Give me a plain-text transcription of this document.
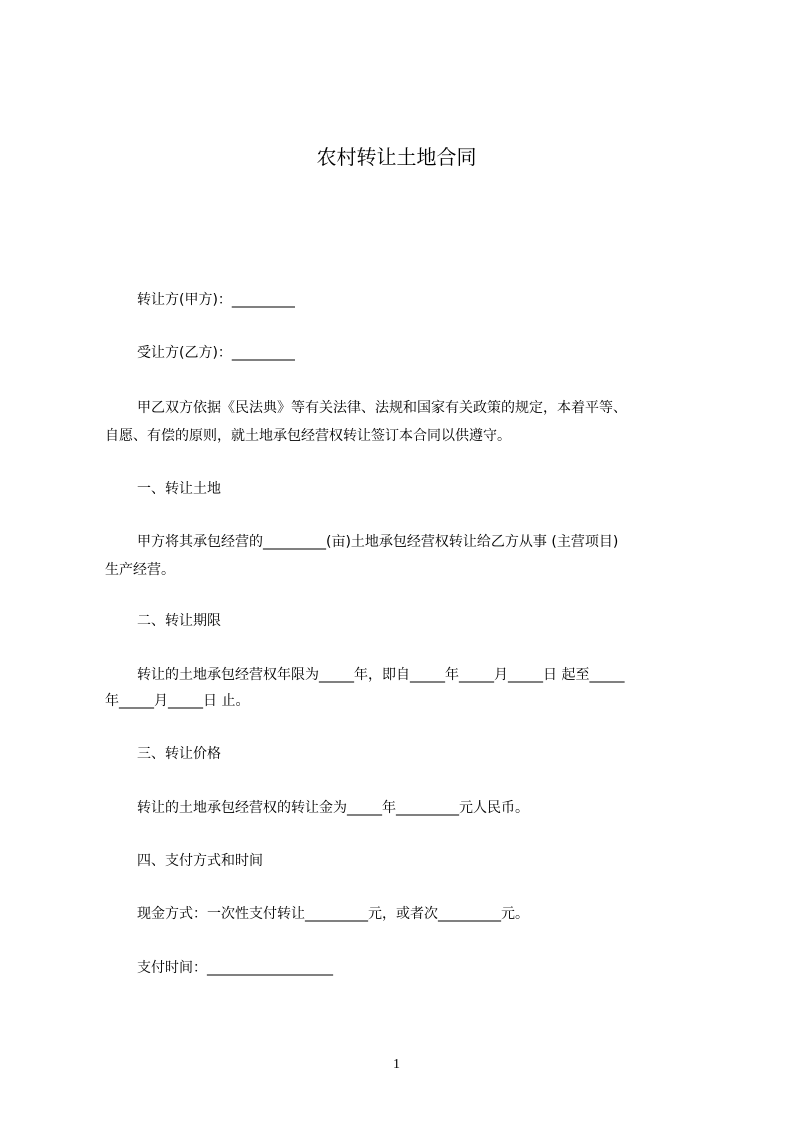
农村转让土地合同
转让方(甲方)：_________
受让方(乙方)：_________
甲乙双方依据《民法典》等有关法律、法规和国家有关政策的规定，本着平等、
自愿、有偿的原则，就土地承包经营权转让签订本合同以供遵守。
一、转让土地
甲方将其承包经营的_________(亩)土地承包经营权转让给乙方从事 (主营项目)
生产经营。
二、转让期限
转让的土地承包经营权年限为_____年，即自_____年_____月_____日 起至_____
年_____月_____日 止。
三、转让价格
转让的土地承包经营权的转让金为_____年_________元人民币。
四、支付方式和时间
现金方式：一次性支付转让_________元，或者次_________元。
支付时间：__________________
1
